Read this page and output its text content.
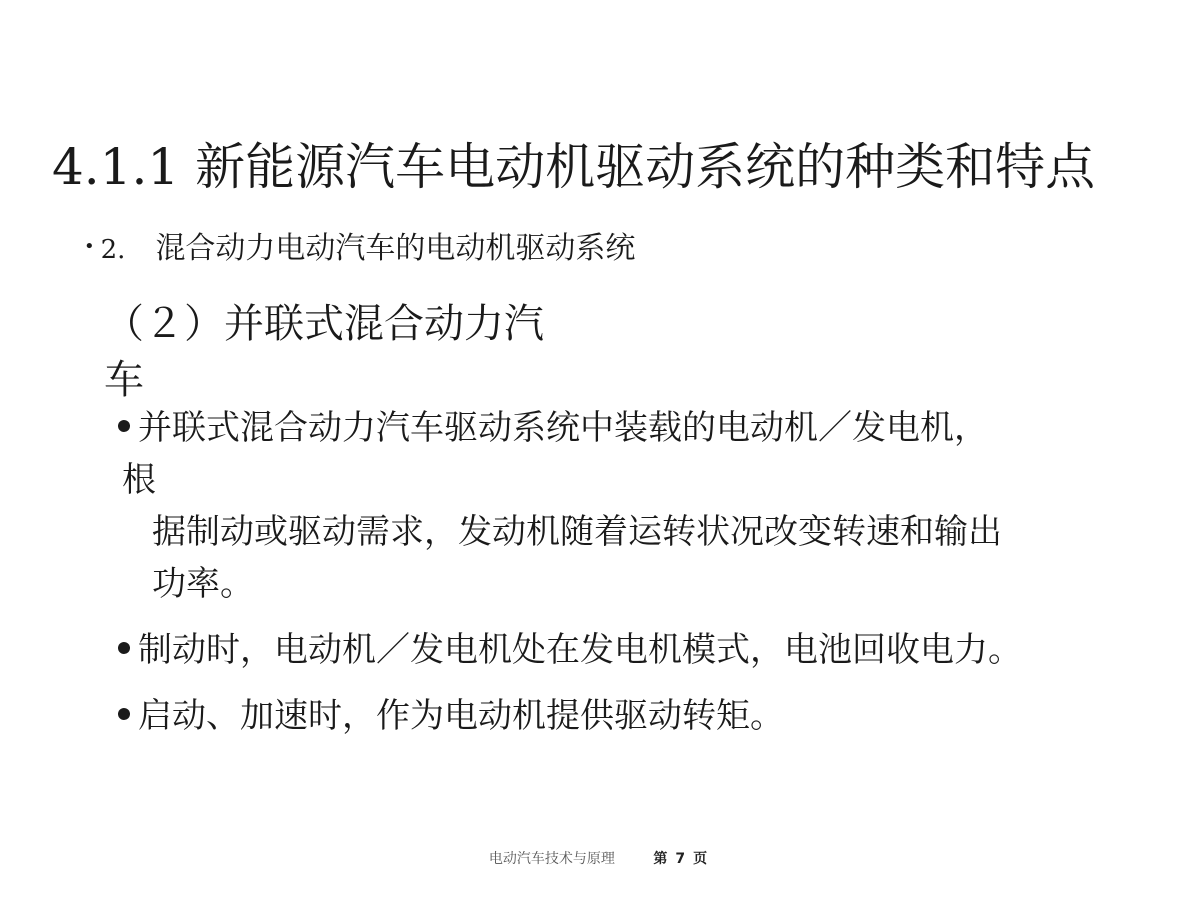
4.1.1 新能源汽车电动机驱动系统的种类和特点
• 2. 混合动力电动汽车的电动机驱动系统
（２）并联式混合动力汽
车
并联式混合动力汽车驱动系统中装载的电动机／发电机，
根
据制动或驱动需求，发动机随着运转状况改变转速和输出
功率。
制动时，电动机／发电机处在发电机模式，电池回收电力。
启动、加速时，作为电动机提供驱动转矩。
电动汽车技术与原理	第 7 页
